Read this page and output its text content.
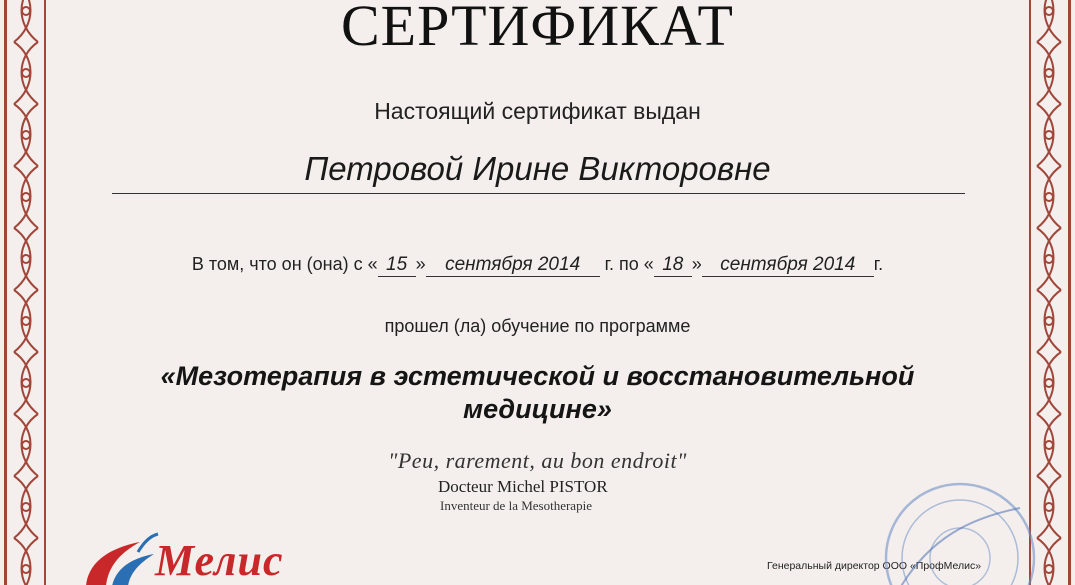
СЕРТИФИКАТ
Настоящий сертификат выдан
Петровой Ирине Викторовне
В том, что он (она) с « 15 » сентября 2014 г. по « 18 » сентября 2014 г.
прошел (ла) обучение по программе
«Мезотерапия в эстетической и восстановительной
медицине»
"Peu, rarement, au bon endroit"
Docteur Michel PISTOR
Inventeur de la Mesotherapie
Мелис	Генеральный директор ООО «ПрофМелис»
